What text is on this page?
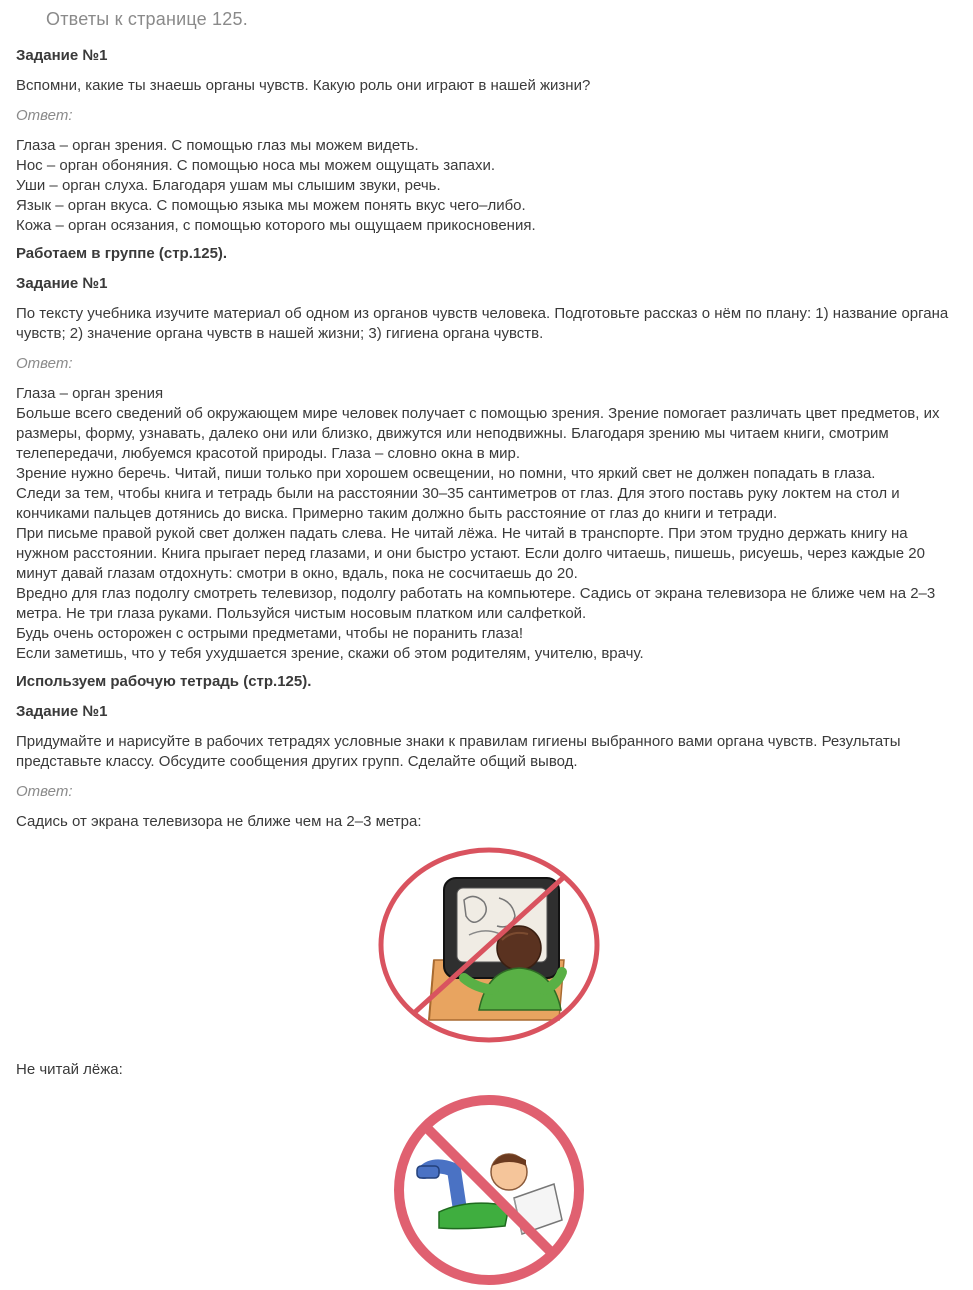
Ответы к странице 125.
Задание №1
Вспомни, какие ты знаешь органы чувств. Какую роль они играют в нашей жизни?
Ответ:
Глаза – орган зрения. С помощью глаз мы можем видеть.
Нос – орган обоняния. С помощью носа мы можем ощущать запахи.
Уши – орган слуха. Благодаря ушам мы слышим звуки, речь.
Язык – орган вкуса. С помощью языка мы можем понять вкус чего–либо.
Кожа – орган осязания, с помощью которого мы ощущаем прикосновения.
Работаем в группе (стр.125).
Задание №1
По тексту учебника изучите материал об одном из органов чувств человека. Подготовьте рассказ о нём по плану: 1) название органа чувств; 2) значение органа чувств в нашей жизни; 3) гигиена органа чувств.
Ответ:
Глаза – орган зрения
Больше всего сведений об окружающем мире человек получает с помощью зрения. Зрение помогает различать цвет предметов, их размеры, форму, узнавать, далеко они или близко, движутся или неподвижны. Благодаря зрению мы читаем книги, смотрим телепередачи, любуемся красотой природы. Глаза – словно окна в мир.
Зрение нужно беречь. Читай, пиши только при хорошем освещении, но помни, что яркий свет не должен попадать в глаза.
Следи за тем, чтобы книга и тетрадь были на расстоянии 30–35 сантиметров от глаз. Для этого поставь руку локтем на стол и кончиками пальцев дотянись до виска. Примерно таким должно быть расстояние от глаз до книги и тетради.
При письме правой рукой свет должен падать слева. Не читай лёжа. Не читай в транспорте. При этом трудно держать книгу на нужном расстоянии. Книга прыгает перед глазами, и они быстро устают. Если долго читаешь, пишешь, рисуешь, через каждые 20 минут давай глазам отдохнуть: смотри в окно, вдаль, пока не сосчитаешь до 20.
Вредно для глаз подолгу смотреть телевизор, подолгу работать на компьютере. Садись от экрана телевизора не ближе чем на 2–3 метра. Не три глаза руками. Пользуйся чистым носовым платком или салфеткой.
Будь очень осторожен с острыми предметами, чтобы не поранить глаза!
Если заметишь, что у тебя ухудшается зрение, скажи об этом родителям, учителю, врачу.
Используем рабочую тетрадь (стр.125).
Задание №1
Придумайте и нарисуйте в рабочих тетрадях условные знаки к правилам гигиены выбранного вами органа чувств. Результаты представьте классу. Обсудите сообщения других групп. Сделайте общий вывод.
Ответ:
Садись от экрана телевизора не ближе чем на 2–3 метра:
Не читай лёжа:
